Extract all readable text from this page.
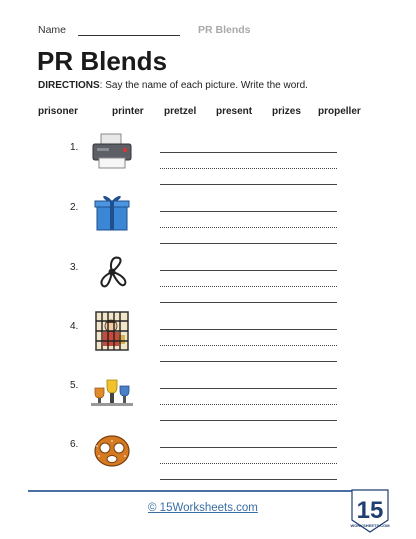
Name	PR Blends
PR Blends
DIRECTIONS: Say the name of each picture. Write the word.
prisoner	printer pretzel present prizes propeller
1.
2.
3.
4.
5.
6.
© 15Worksheets.com	15
WORKSHEETS.COM
